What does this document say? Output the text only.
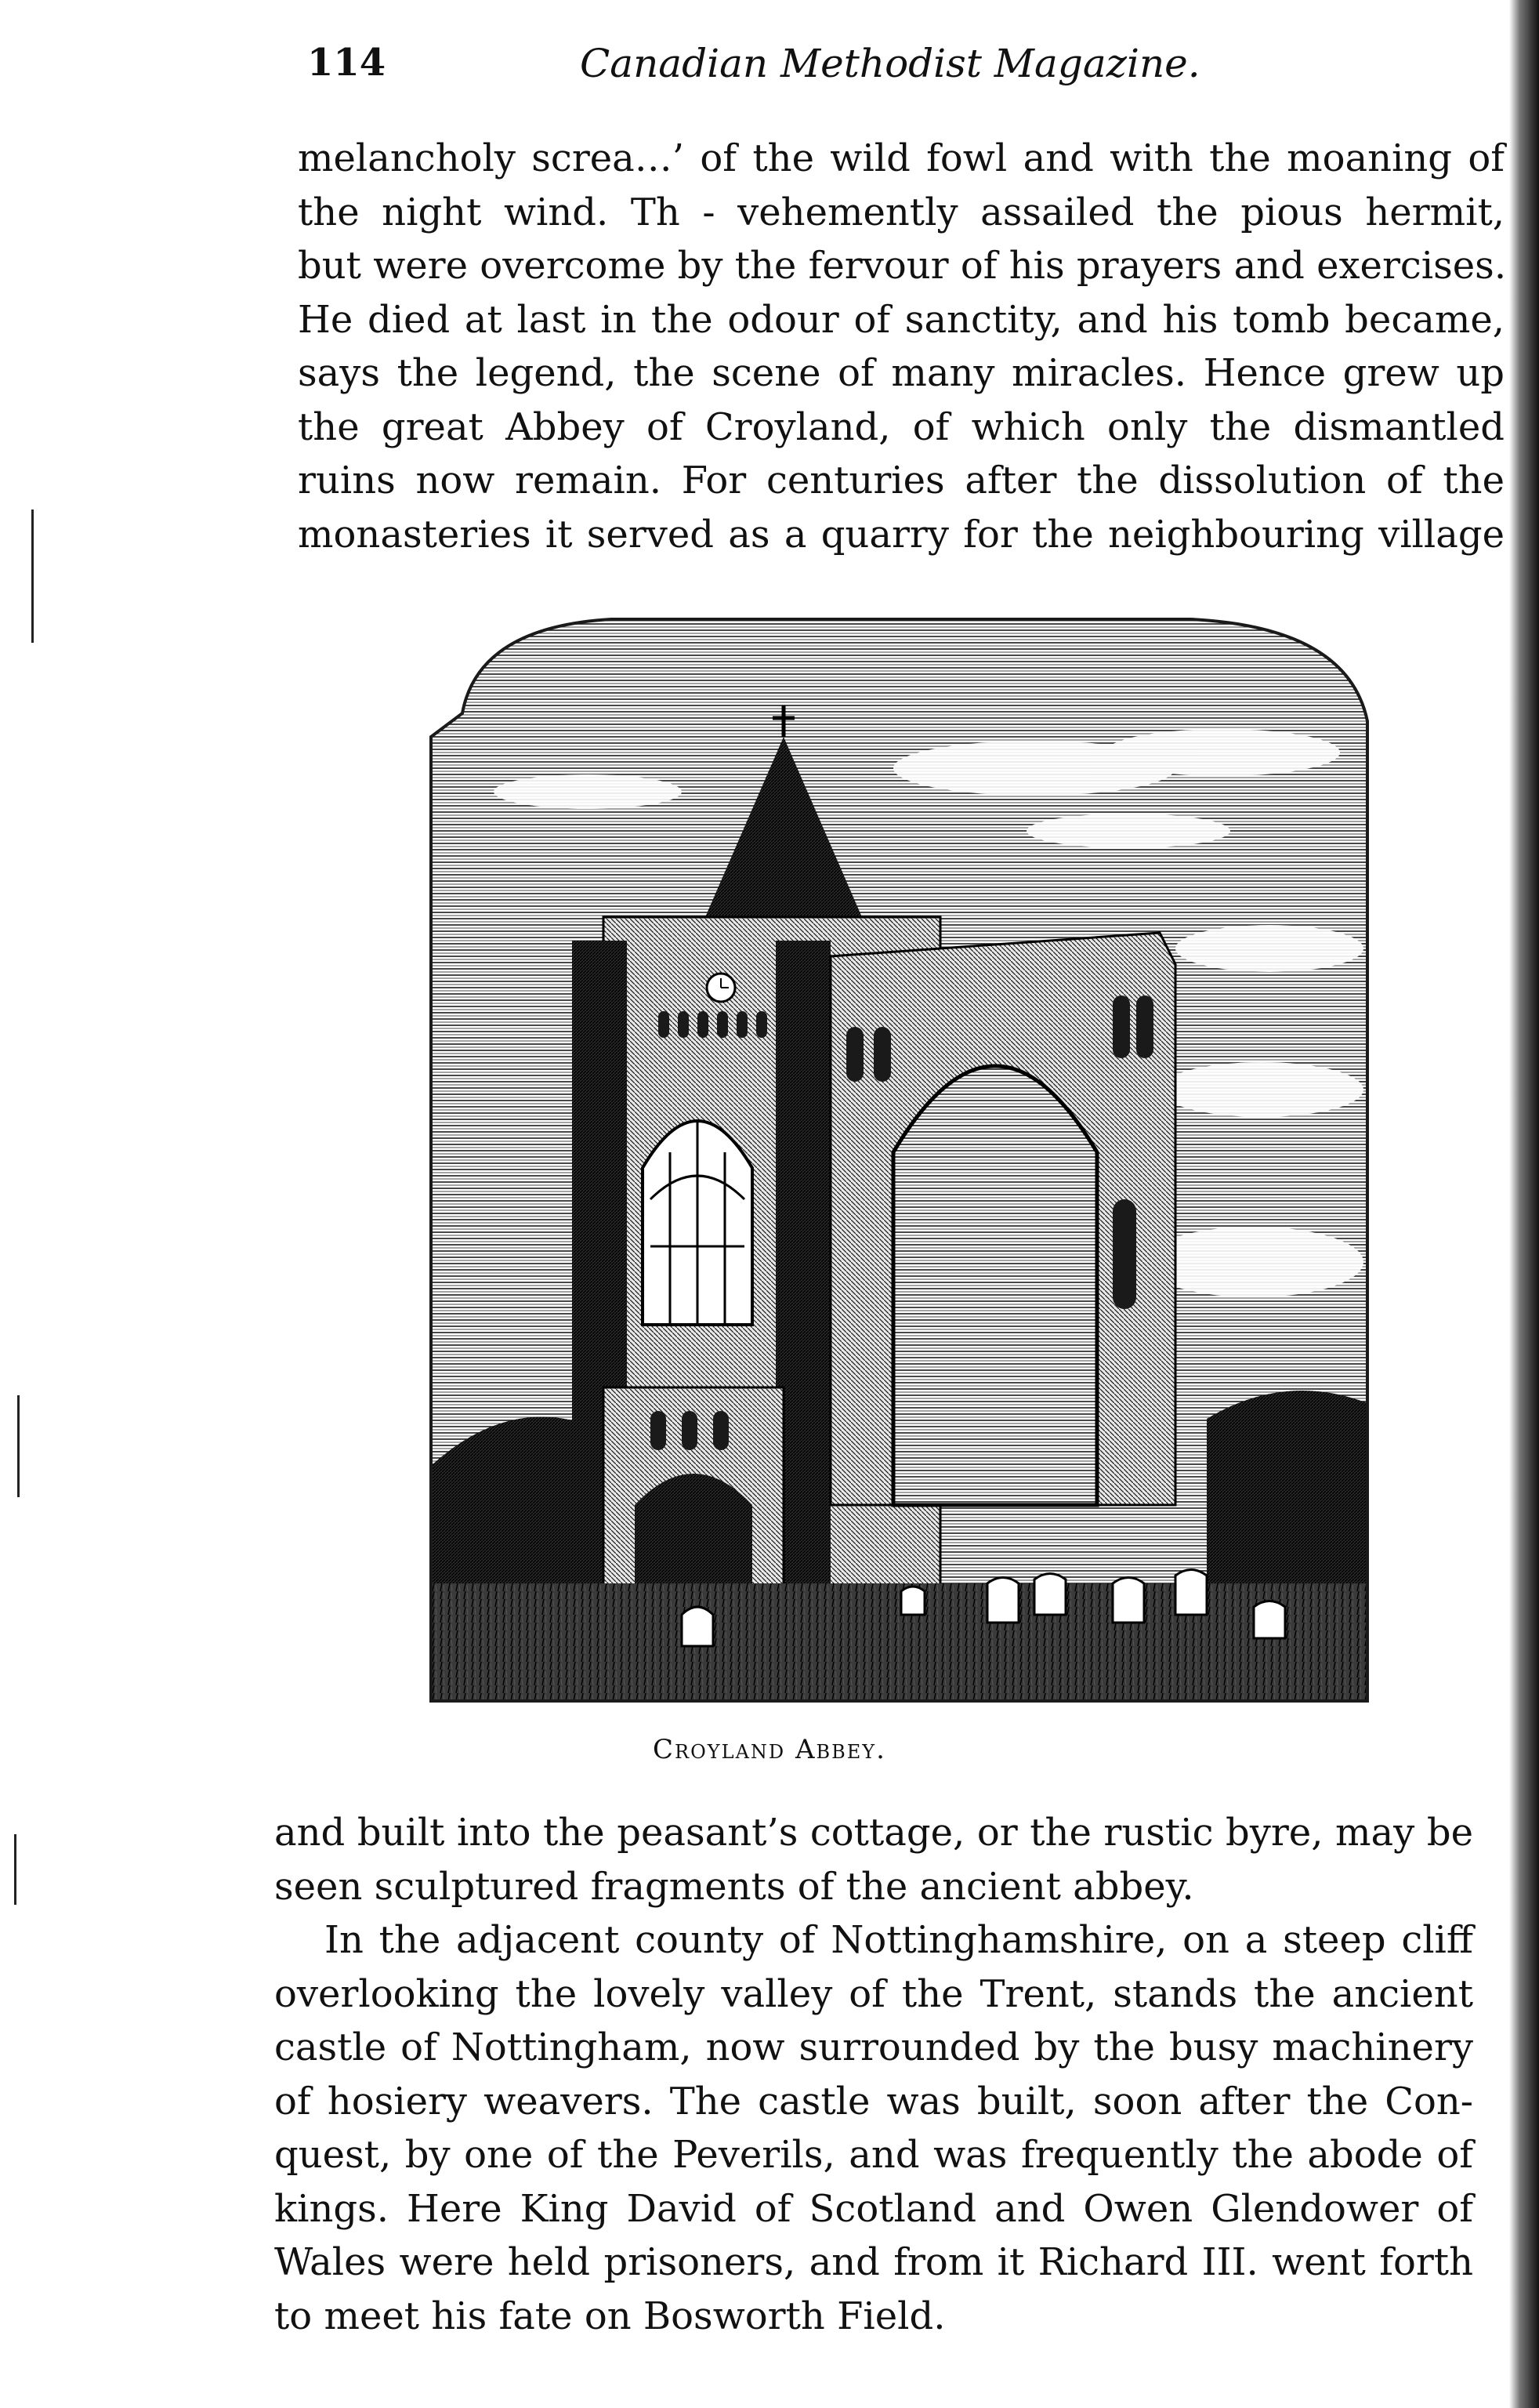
114	Canadian Methodist Magazine.

melancholy screa…’ of the wild fowl and with the moaning of
the night wind. Th ‑ vehemently assailed the pious hermit,
but were overcome by the fervour of his prayers and exercises.
He died at last in the odour of sanctity, and his tomb became,
says the legend, the scene of many miracles. Hence grew up
the great Abbey of Croyland, of which only the dismantled
ruins now remain. For centuries after the dissolution of the
monasteries it served as a quarry for the neighbouring village

Croyland Abbey.

and built into the peasant’s cottage, or the rustic byre, may be
seen sculptured fragments of the ancient abbey.

In the adjacent county of Nottinghamshire, on a steep cliff
overlooking the lovely valley of the Trent, stands the ancient
castle of Nottingham, now surrounded by the busy machinery
of hosiery weavers. The castle was built, soon after the Con-
quest, by one of the Peverils, and was frequently the abode of
kings. Here King David of Scotland and Owen Glendower of
Wales were held prisoners, and from it Richard III. went forth
to meet his fate on Bosworth Field.
